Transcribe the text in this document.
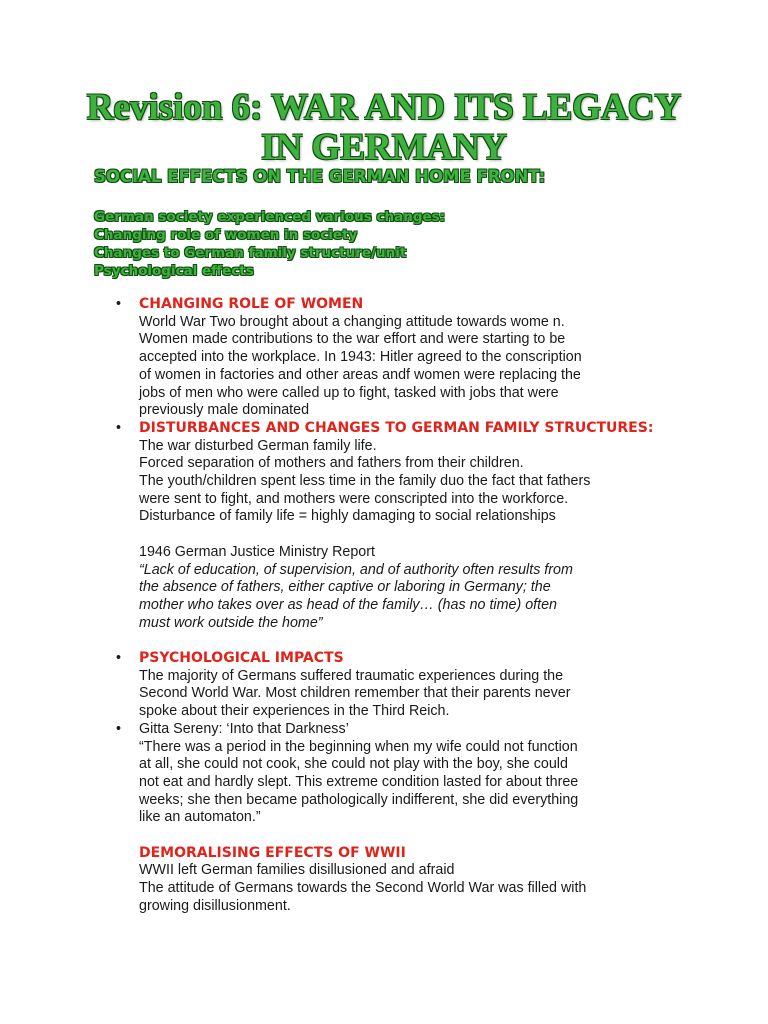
Revision 6: WAR AND ITS LEGACY
IN GERMANY
SOCIAL EFFECTS ON THE GERMAN HOME FRONT:
German society experienced various changes:
Changing role of women in society
Changes to German family structure/unit
Psychological effects
•	CHANGING ROLE OF WOMEN
World War Two brought about a changing attitude towards wome n.
Women made contributions to the war effort and were starting to be
accepted into the workplace. In 1943: Hitler agreed to the conscription
of women in factories and other areas andf women were replacing the
jobs of men who were called up to fight, tasked with jobs that were
previously male dominated
•	DISTURBANCES AND CHANGES TO GERMAN FAMILY STRUCTURES:
The war disturbed German family life.
Forced separation of mothers and fathers from their children.
The youth/children spent less time in the family duo the fact that fathers
were sent to fight, and mothers were conscripted into the workforce.
Disturbance of family life = highly damaging to social relationships
1946 German Justice Ministry Report
“Lack of education, of supervision, and of authority often results from
the absence of fathers, either captive or laboring in Germany; the
mother who takes over as head of the family… (has no time) often
must work outside the home”
•	PSYCHOLOGICAL IMPACTS
The majority of Germans suffered traumatic experiences during the
Second World War. Most children remember that their parents never
spoke about their experiences in the Third Reich.
•	Gitta Sereny: ‘Into that Darkness’
“There was a period in the beginning when my wife could not function
at all, she could not cook, she could not play with the boy, she could
not eat and hardly slept. This extreme condition lasted for about three
weeks; she then became pathologically indifferent, she did everything
like an automaton.”
DEMORALISING EFFECTS OF WWII
WWII left German families disillusioned and afraid
The attitude of Germans towards the Second World War was filled with
growing disillusionment.
